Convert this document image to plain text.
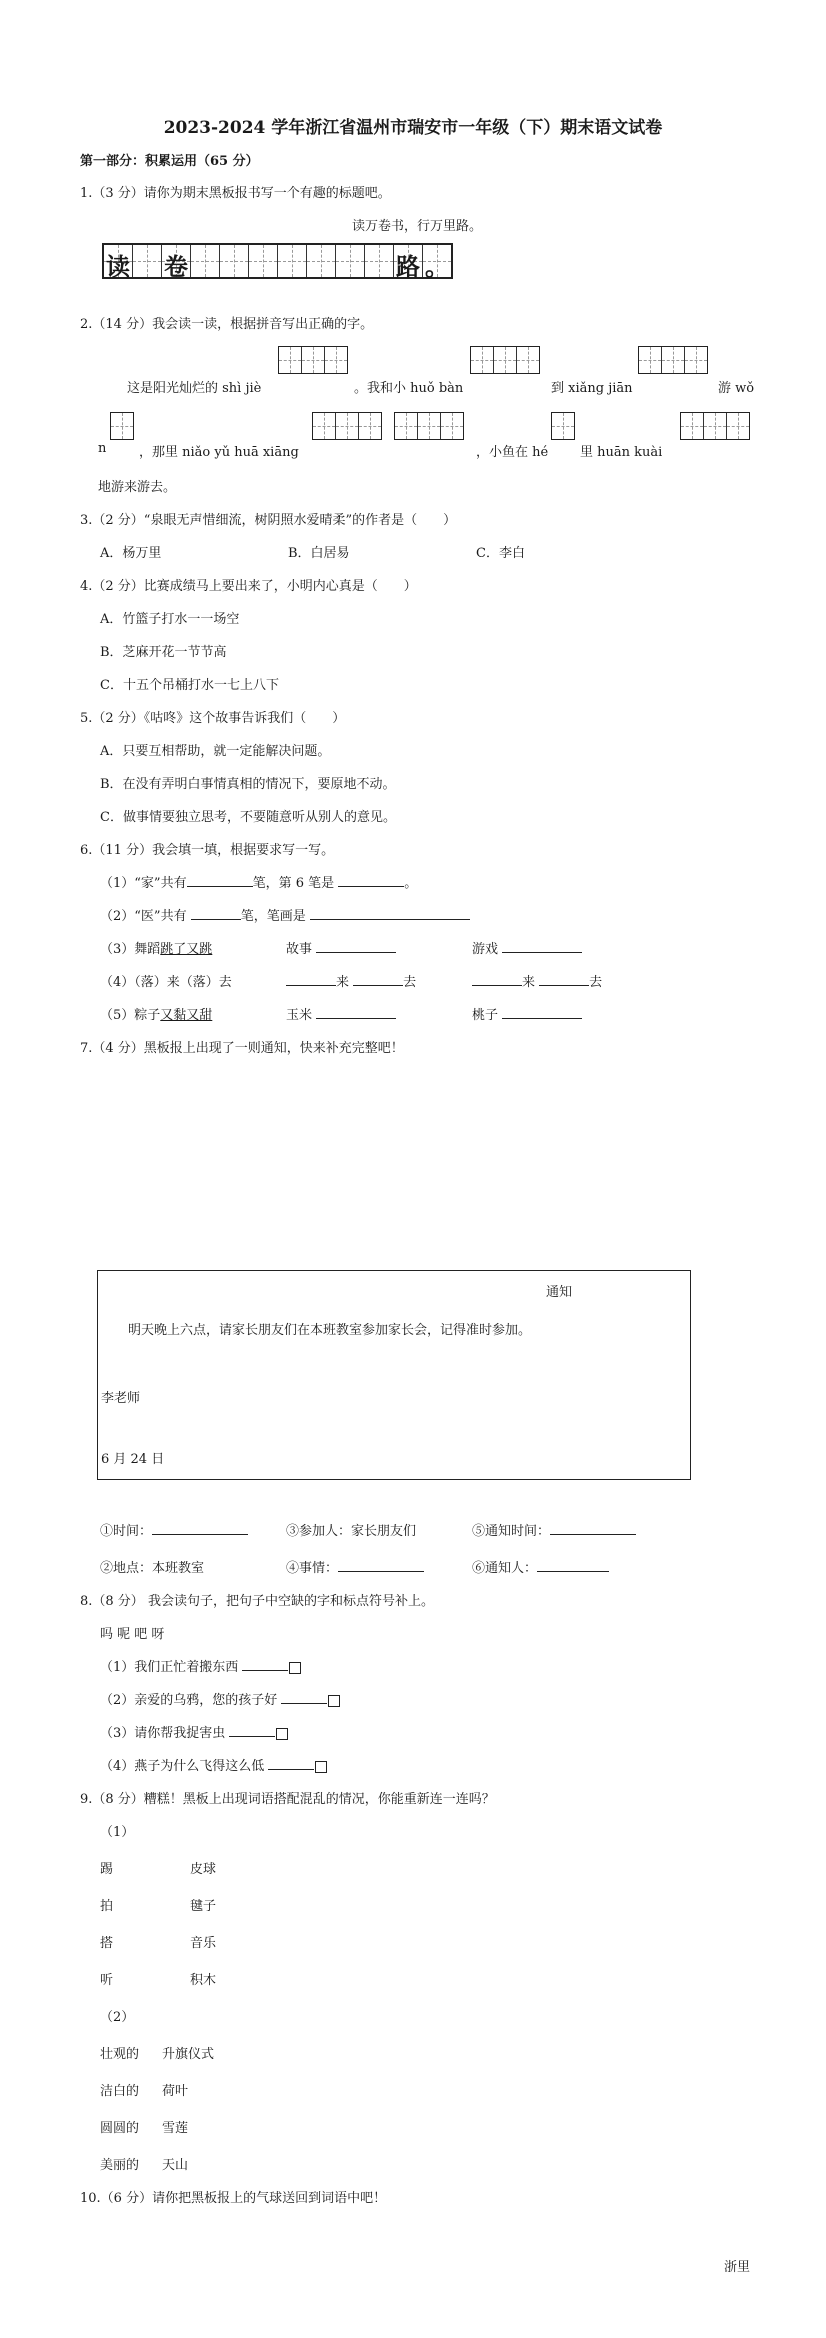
2023-2024 学年浙江省温州市瑞安市一年级（下）期末语文试卷
第一部分：积累运用（65 分）
1.（3 分）请你为期末黑板报书写一个有趣的标题吧。
读万卷书，行万里路。
读 卷	路 。
2.（14 分）我会读一读，根据拼音写出正确的字。
这是阳光灿烂的 shì jiè	。我和小 huǒ bàn	到 xiǎng jiān	游 wǒ
n	，那里 niǎo yǔ huā xiāng	，小鱼在 hé 里 huān kuài
地游来游去。
3.（2 分）“泉眼无声惜细流，树阴照水爱晴柔”的作者是（　　）
A．杨万里	B．白居易	C．李白
4.（2 分）比赛成绩马上要出来了，小明内心真是（　　）
A．竹篮子打水一一场空
B．芝麻开花一节节高
C．十五个吊桶打水一七上八下
5.（2 分）《咕咚》这个故事告诉我们（　　）
A．只要互相帮助，就一定能解决问题。
B．在没有弄明白事情真相的情况下，要原地不动。
C．做事情要独立思考，不要随意听从别人的意见。
6.（11 分）我会填一填，根据要求写一写。
（1）“家”共有	笔，第 6 笔是	。
（2）“医”共有	笔，笔画是
（3）舞蹈跳了又跳	故事	游戏
（4）（落）来（落）去	来	去	来	去
（5）粽子又黏又甜	玉米	桃子
7.（4 分）黑板报上出现了一则通知，快来补充完整吧！
通知
明天晚上六点，请家长朋友们在本班教室参加家长会，记得准时参加。
李老师
6 月 24 日
①时间：	③参加人：家长朋友们	⑤通知时间：
②地点：本班教室	④事情：	⑥通知人：
8.（8 分） 我会读句子，把句子中空缺的字和标点符号补上。
吗 呢 吧 呀
（1）我们正忙着搬东西
（2）亲爱的乌鸦，您的孩子好
（3）请你帮我捉害虫
（4）燕子为什么飞得这么低
9.（8 分）糟糕！黑板上出现词语搭配混乱的情况，你能重新连一连吗？
（1）
踢	皮球
拍	毽子
搭	音乐
听	积木
（2）
壮观的 升旗仪式
洁白的 荷叶
圆圆的 雪莲
美丽的 天山
10.（6 分）请你把黑板报上的气球送回到词语中吧！
浙里
